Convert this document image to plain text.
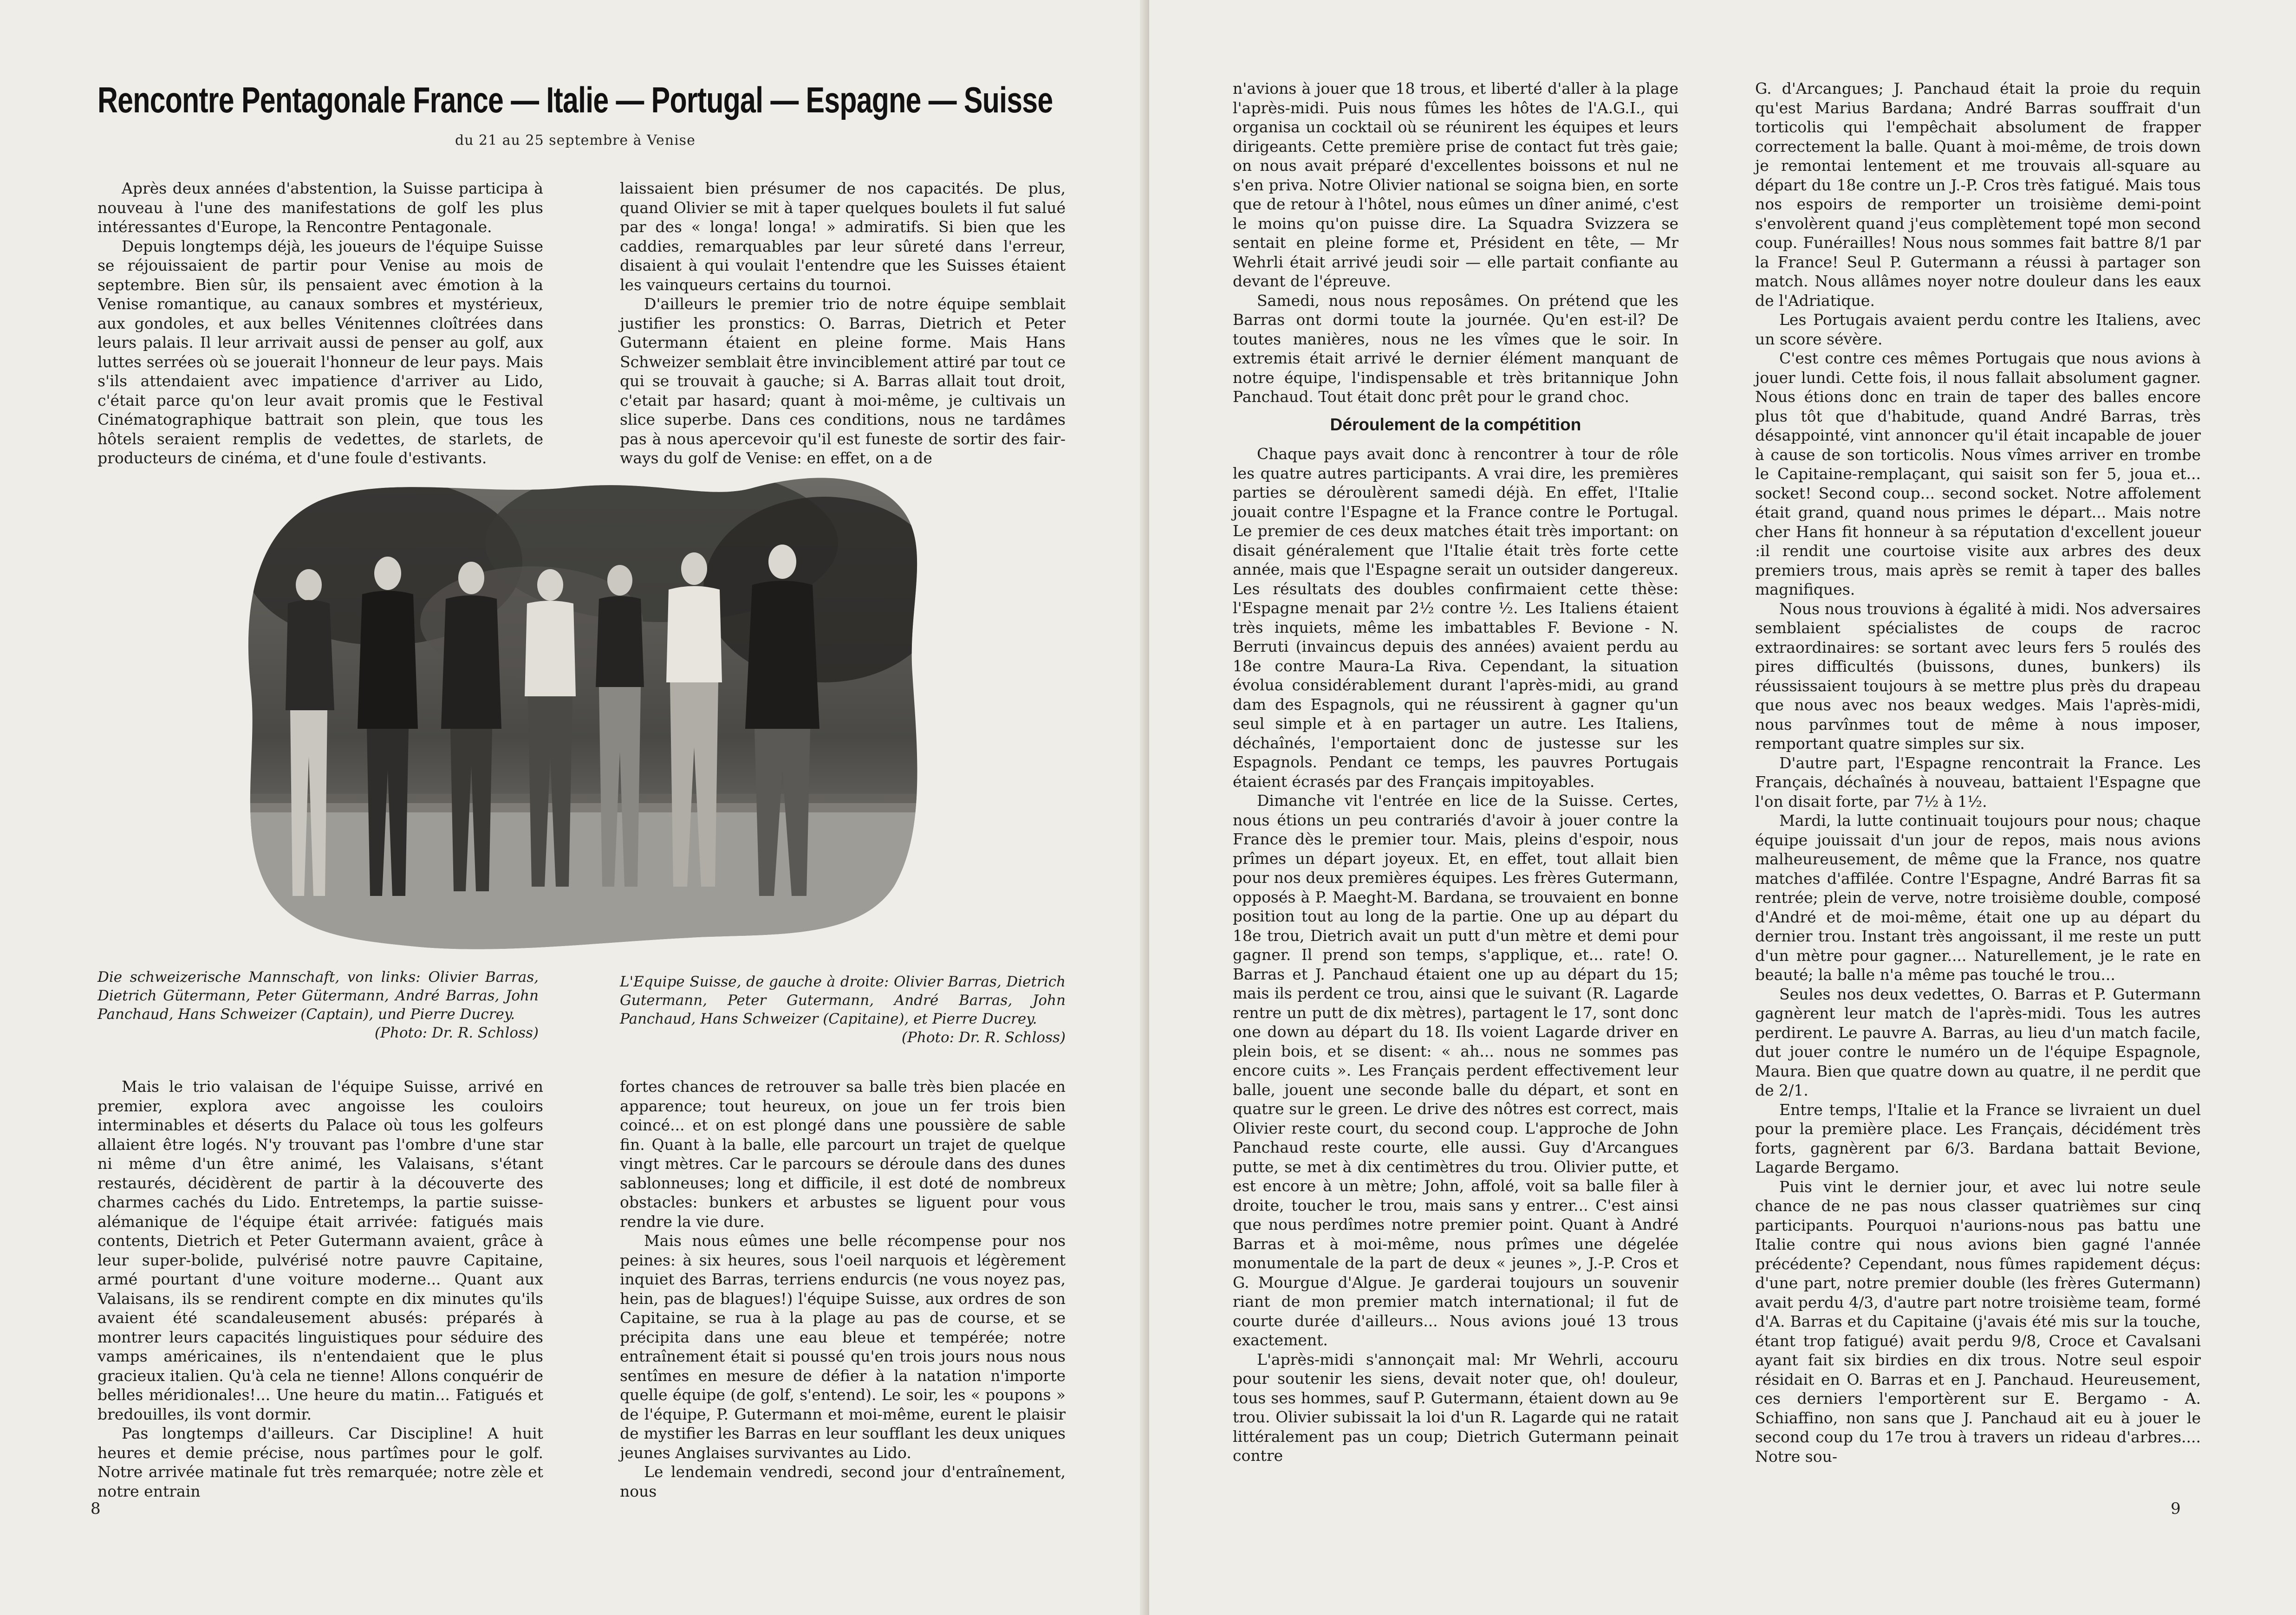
Rencontre Pentagonale France — Italie — Portugal — Espagne — Suisse
du 21 au 25 septembre à Venise

Après deux années d'abstention, la Suisse participa à nouveau à l'une des manifestations de golf les plus intéressantes d'Europe, la Rencontre Pentagonale.

Depuis longtemps déjà, les joueurs de l'équipe Suisse se réjouissaient de partir pour Venise au mois de septembre. Bien sûr, ils pensaient avec émotion à la Venise romantique, au canaux sombres et mystérieux, aux gondoles, et aux belles Vénitennes cloîtrées dans leurs palais. Il leur arrivait aussi de penser au golf, aux luttes serrées où se jouerait l'honneur de leur pays. Mais s'ils attendaient avec impatience d'arriver au Lido, c'était parce qu'on leur avait promis que le Festival Cinématographique battrait son plein, que tous les hôtels seraient remplis de vedettes, de starlets, de producteurs de cinéma, et d'une foule d'estivants.

laissaient bien présumer de nos capacités. De plus, quand Olivier se mit à taper quelques boulets il fut salué par des « longa! longa! » admiratifs. Si bien que les caddies, remarquables par leur sûreté dans l'erreur, disaient à qui voulait l'entendre que les Suisses étaient les vainqueurs certains du tournoi.

D'ailleurs le premier trio de notre équipe semblait justifier les pronstics: O. Barras, Dietrich et Peter Gutermann étaient en pleine forme. Mais Hans Schweizer semblait être invinciblement attiré par tout ce qui se trouvait à gauche; si A. Barras allait tout droit, c'etait par hasard; quant à moi-même, je cultivais un slice superbe. Dans ces conditions, nous ne tardâmes pas à nous apercevoir qu'il est funeste de sortir des fair-ways du golf de Venise: en effet, on a de

Die schweizerische Mannschaft, von links: Olivier Barras, Dietrich Gütermann, Peter Gütermann, André Barras, John Panchaud, Hans Schweizer (Captain), und Pierre Ducrey.
(Photo: Dr. R. Schloss)
L'Equipe Suisse, de gauche à droite: Olivier Barras, Dietrich Gutermann, Peter Gutermann, André Barras, John Panchaud, Hans Schweizer (Capitaine), et Pierre Ducrey.
(Photo: Dr. R. Schloss)

Mais le trio valaisan de l'équipe Suisse, arrivé en premier, explora avec angoisse les couloirs interminables et déserts du Palace où tous les golfeurs allaient être logés. N'y trouvant pas l'ombre d'une star ni même d'un être animé, les Valaisans, s'étant restaurés, décidèrent de partir à la découverte des charmes cachés du Lido. Entretemps, la partie suisse-alémanique de l'équipe était arrivée: fatigués mais contents, Dietrich et Peter Gutermann avaient, grâce à leur super-bolide, pulvérisé notre pauvre Capitaine, armé pourtant d'une voiture moderne... Quant aux Valaisans, ils se rendirent compte en dix minutes qu'ils avaient été scandaleusement abusés: préparés à montrer leurs capacités linguistiques pour séduire des vamps américaines, ils n'entendaient que le plus gracieux italien. Qu'à cela ne tienne! Allons conquérir de belles méridionales!... Une heure du matin... Fatigués et bredouilles, ils vont dormir.

Pas longtemps d'ailleurs. Car Discipline! A huit heures et demie précise, nous partîmes pour le golf. Notre arrivée matinale fut très remarquée; notre zèle et notre entrain

fortes chances de retrouver sa balle très bien placée en apparence; tout heureux, on joue un fer trois bien coincé... et on est plongé dans une poussière de sable fin. Quant à la balle, elle parcourt un trajet de quelque vingt mètres. Car le parcours se déroule dans des dunes sablonneuses; long et difficile, il est doté de nombreux obstacles: bunkers et arbustes se liguent pour vous rendre la vie dure.

Mais nous eûmes une belle récompense pour nos peines: à six heures, sous l'oeil narquois et légèrement inquiet des Barras, terriens endurcis (ne vous noyez pas, hein, pas de blagues!) l'équipe Suisse, aux ordres de son Capitaine, se rua à la plage au pas de course, et se précipita dans une eau bleue et tempérée; notre entraînement était si poussé qu'en trois jours nous nous sentîmes en mesure de défier à la natation n'importe quelle équipe (de golf, s'entend). Le soir, les « poupons » de l'équipe, P. Gutermann et moi-même, eurent le plaisir de mystifier les Barras en leur soufflant les deux uniques jeunes Anglaises survivantes au Lido.

Le lendemain vendredi, second jour d'entraînement, nous

8

n'avions à jouer que 18 trous, et liberté d'aller à la plage l'après-midi. Puis nous fûmes les hôtes de l'A.G.I., qui organisa un cocktail où se réunirent les équipes et leurs dirigeants. Cette première prise de contact fut très gaie; on nous avait préparé d'excellentes boissons et nul ne s'en priva. Notre Olivier national se soigna bien, en sorte que de retour à l'hôtel, nous eûmes un dîner animé, c'est le moins qu'on puisse dire. La Squadra Svizzera se sentait en pleine forme et, Président en tête, — Mr Wehrli était arrivé jeudi soir — elle partait confiante au devant de l'épreuve.

Samedi, nous nous reposâmes. On prétend que les Barras ont dormi toute la journée. Qu'en est-il? De toutes manières, nous ne les vîmes que le soir. In extremis était arrivé le dernier élément manquant de notre équipe, l'indispensable et très britannique John Panchaud. Tout était donc prêt pour le grand choc.

Déroulement de la compétition

Chaque pays avait donc à rencontrer à tour de rôle les quatre autres participants. A vrai dire, les premières parties se déroulèrent samedi déjà. En effet, l'Italie jouait contre l'Espagne et la France contre le Portugal. Le premier de ces deux matches était très important: on disait généralement que l'Italie était très forte cette année, mais que l'Espagne serait un outsider dangereux. Les résultats des doubles confirmaient cette thèse: l'Espagne menait par 2½ contre ½. Les Italiens étaient très inquiets, même les imbattables F. Bevione - N. Berruti (invaincus depuis des années) avaient perdu au 18e contre Maura-La Riva. Cependant, la situation évolua considérablement durant l'après-midi, au grand dam des Espagnols, qui ne réussirent à gagner qu'un seul simple et à en partager un autre. Les Italiens, déchaînés, l'emportaient donc de justesse sur les Espagnols. Pendant ce temps, les pauvres Portugais étaient écrasés par des Français impitoyables.

Dimanche vit l'entrée en lice de la Suisse. Certes, nous étions un peu contrariés d'avoir à jouer contre la France dès le premier tour. Mais, pleins d'espoir, nous prîmes un départ joyeux. Et, en effet, tout allait bien pour nos deux premières équipes. Les frères Gutermann, opposés à P. Maeght-M. Bardana, se trouvaient en bonne position tout au long de la partie. One up au départ du 18e trou, Dietrich avait un putt d'un mètre et demi pour gagner. Il prend son temps, s'applique, et... rate! O. Barras et J. Panchaud étaient one up au départ du 15; mais ils perdent ce trou, ainsi que le suivant (R. Lagarde rentre un putt de dix mètres), partagent le 17, sont donc one down au départ du 18. Ils voient Lagarde driver en plein bois, et se disent: « ah... nous ne sommes pas encore cuits ». Les Français perdent effectivement leur balle, jouent une seconde balle du départ, et sont en quatre sur le green. Le drive des nôtres est correct, mais Olivier reste court, du second coup. L'approche de John Panchaud reste courte, elle aussi. Guy d'Arcangues putte, se met à dix centimètres du trou. Olivier putte, et est encore à un mètre; John, affolé, voit sa balle filer à droite, toucher le trou, mais sans y entrer... C'est ainsi que nous perdîmes notre premier point. Quant à André Barras et à moi-même, nous prîmes une dégelée monumentale de la part de deux « jeunes », J.-P. Cros et G. Mourgue d'Algue. Je garderai toujours un souvenir riant de mon premier match international; il fut de courte durée d'ailleurs... Nous avions joué 13 trous exactement.

L'après-midi s'annonçait mal: Mr Wehrli, accouru pour soutenir les siens, devait noter que, oh! douleur, tous ses hommes, sauf P. Gutermann, étaient down au 9e trou. Olivier subissait la loi d'un R. Lagarde qui ne ratait littéralement pas un coup; Dietrich Gutermann peinait contre

G. d'Arcangues; J. Panchaud était la proie du requin qu'est Marius Bardana; André Barras souffrait d'un torticolis qui l'empêchait absolument de frapper correctement la balle. Quant à moi-même, de trois down je remontai lentement et me trouvais all-square au départ du 18e contre un J.-P. Cros très fatigué. Mais tous nos espoirs de remporter un troisième demi-point s'envolèrent quand j'eus complètement topé mon second coup. Funérailles! Nous nous sommes fait battre 8/1 par la France! Seul P. Gutermann a réussi à partager son match. Nous allâmes noyer notre douleur dans les eaux de l'Adriatique.

Les Portugais avaient perdu contre les Italiens, avec un score sévère.

C'est contre ces mêmes Portugais que nous avions à jouer lundi. Cette fois, il nous fallait absolument gagner. Nous étions donc en train de taper des balles encore plus tôt que d'habitude, quand André Barras, très désappointé, vint annoncer qu'il était incapable de jouer à cause de son torticolis. Nous vîmes arriver en trombe le Capitaine-remplaçant, qui saisit son fer 5, joua et... socket! Second coup... second socket. Notre affolement était grand, quand nous primes le départ... Mais notre cher Hans fit honneur à sa réputation d'excellent joueur :il rendit une courtoise visite aux arbres des deux premiers trous, mais après se remit à taper des balles magnifiques.

Nous nous trouvions à égalité à midi. Nos adversaires semblaient spécialistes de coups de racroc extraordinaires: se sortant avec leurs fers 5 roulés des pires difficultés (buissons, dunes, bunkers) ils réussissaient toujours à se mettre plus près du drapeau que nous avec nos beaux wedges. Mais l'après-midi, nous parvînmes tout de même à nous imposer, remportant quatre simples sur six.

D'autre part, l'Espagne rencontrait la France. Les Français, déchaînés à nouveau, battaient l'Espagne que l'on disait forte, par 7½ à 1½.

Mardi, la lutte continuait toujours pour nous; chaque équipe jouissait d'un jour de repos, mais nous avions malheureusement, de même que la France, nos quatre matches d'affilée. Contre l'Espagne, André Barras fit sa rentrée; plein de verve, notre troisième double, composé d'André et de moi-même, était one up au départ du dernier trou. Instant très angoissant, il me reste un putt d'un mètre pour gagner.... Naturellement, je le rate en beauté; la balle n'a même pas touché le trou...

Seules nos deux vedettes, O. Barras et P. Gutermann gagnèrent leur match de l'après-midi. Tous les autres perdirent. Le pauvre A. Barras, au lieu d'un match facile, dut jouer contre le numéro un de l'équipe Espagnole, Maura. Bien que quatre down au quatre, il ne perdit que de 2/1.

Entre temps, l'Italie et la France se livraient un duel pour la première place. Les Français, décidément très forts, gagnèrent par 6/3. Bardana battait Bevione, Lagarde Bergamo.

Puis vint le dernier jour, et avec lui notre seule chance de ne pas nous classer quatrièmes sur cinq participants. Pourquoi n'aurions-nous pas battu une Italie contre qui nous avions bien gagné l'année précédente? Cependant, nous fûmes rapidement déçus: d'une part, notre premier double (les frères Gutermann) avait perdu 4/3, d'autre part notre troisième team, formé d'A. Barras et du Capitaine (j'avais été mis sur la touche, étant trop fatigué) avait perdu 9/8, Croce et Cavalsani ayant fait six birdies en dix trous. Notre seul espoir résidait en O. Barras et en J. Panchaud. Heureusement, ces derniers l'emportèrent sur E. Bergamo - A. Schiaffino, non sans que J. Panchaud ait eu à jouer le second coup du 17e trou à travers un rideau d'arbres.... Notre sou-

9
